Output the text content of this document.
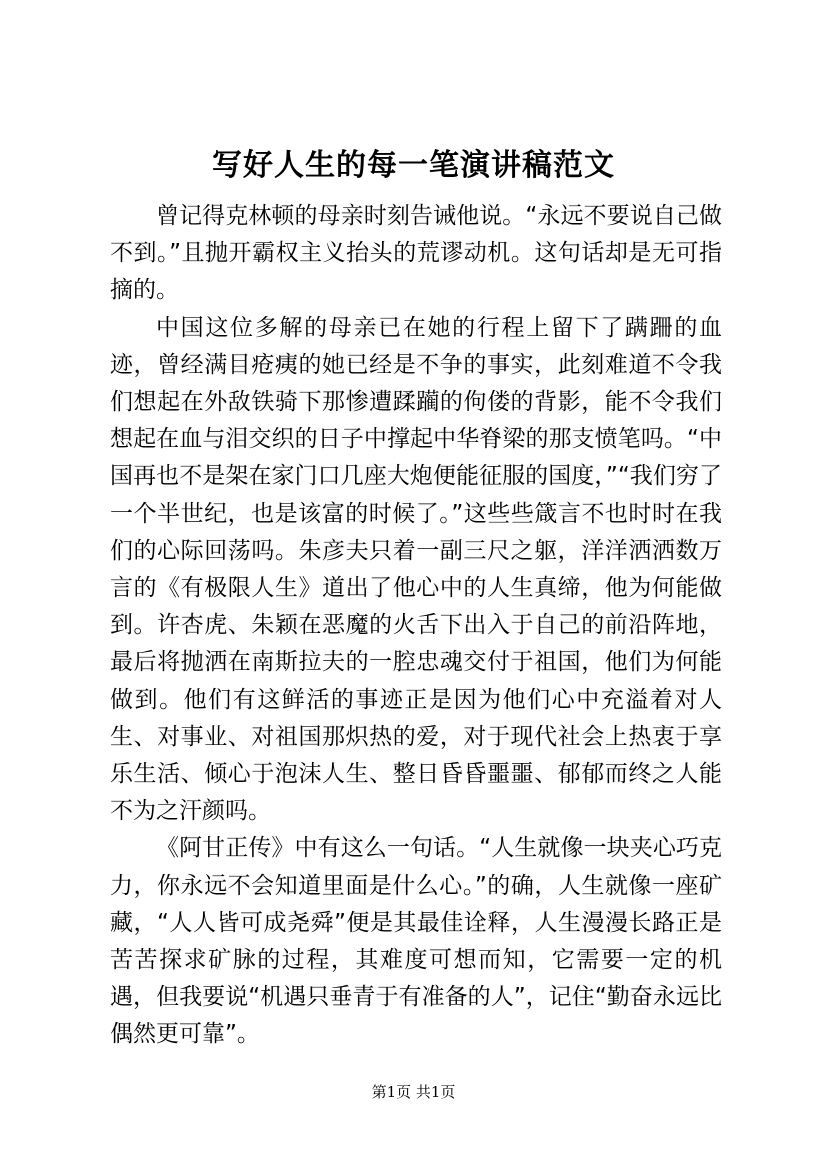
写好人生的每一笔演讲稿范文

曾记得克林顿的母亲时刻告诫他说。“永远不要说自己做不到。”且抛开霸权主义抬头的荒谬动机。这句话却是无可指摘的。

中国这位多解的母亲已在她的行程上留下了蹒跚的血迹，曾经满目疮痍的她已经是不争的事实，此刻难道不令我们想起在外敌铁骑下那惨遭蹂躏的佝偻的背影，能不令我们想起在血与泪交织的日子中撑起中华脊梁的那支愤笔吗。“中国再也不是架在家门口几座大炮便能征服的国度，”“我们穷了一个半世纪，也是该富的时候了。”这些些箴言不也时时在我们的心际回荡吗。朱彦夫只着一副三尺之躯，洋洋洒洒数万言的《有极限人生》道出了他心中的人生真缔，他为何能做到。许杏虎、朱颖在恶魔的火舌下出入于自己的前沿阵地，最后将抛洒在南斯拉夫的一腔忠魂交付于祖国，他们为何能做到。他们有这鲜活的事迹正是因为他们心中充溢着对人生、对事业、对祖国那炽热的爱，对于现代社会上热衷于享乐生活、倾心于泡沫人生、整日昏昏噩噩、郁郁而终之人能不为之汗颜吗。

《阿甘正传》中有这么一句话。“人生就像一块夹心巧克力，你永远不会知道里面是什么心。”的确，人生就像一座矿藏，“人人皆可成尧舜”便是其最佳诠释，人生漫漫长路正是苦苦探求矿脉的过程，其难度可想而知，它需要一定的机遇，但我要说“机遇只垂青于有准备的人”，记住“勤奋永远比偶然更可靠”。

第1页 共1页
